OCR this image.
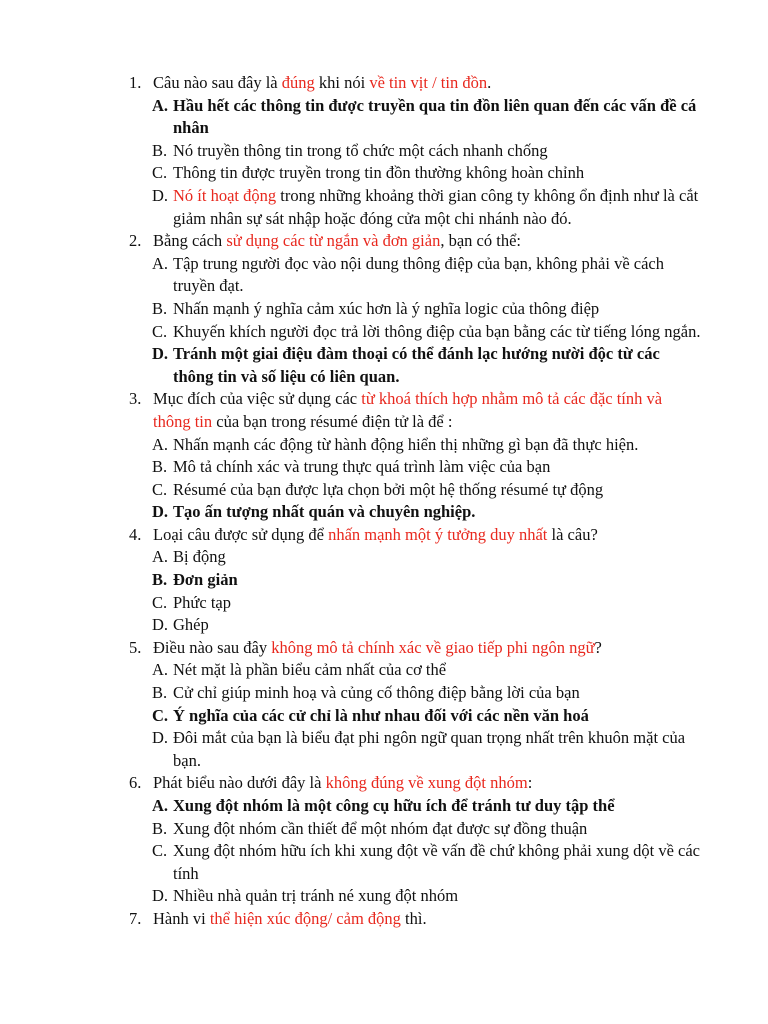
1. Câu nào sau đây là đúng khi nói về tin vịt / tin đồn.
A. Hầu hết các thông tin được truyền qua tin đồn liên quan đến các vấn đề cá nhân
B. Nó truyền thông tin trong tổ chức một cách nhanh chống
C. Thông tin được truyền trong tin đồn thường không hoàn chỉnh
D. Nó ít hoạt động trong những khoảng thời gian công ty không ổn định như là cắt giảm nhân sự sát nhập hoặc đóng cửa một chi nhánh nào đó.
2. Bằng cách sử dụng các từ ngắn và đơn giản, bạn có thể:
A. Tập trung người đọc vào nội dung thông điệp của bạn, không phải về cách truyền đạt.
B. Nhấn mạnh ý nghĩa cảm xúc hơn là ý nghĩa logic của thông điệp
C. Khuyến khích người đọc trả lời thông điệp của bạn bằng các từ tiếng lóng ngắn.
D. Tránh một giai điệu đàm thoại có thể đánh lạc hướng nười độc từ các thông tin và số liệu có liên quan.
3. Mục đích của việc sử dụng các từ khoá thích hợp nhằm mô tả các đặc tính và thông tin của bạn trong résumé điện tử là để :
A. Nhấn mạnh các động từ hành động hiển thị những gì bạn đã thực hiện.
B. Mô tả chính xác và trung thực quá trình làm việc của bạn
C. Résumé của bạn được lựa chọn bởi một hệ thống résumé tự động
D. Tạo ấn tượng nhất quán và chuyên nghiệp.
4. Loại câu được sử dụng để nhấn mạnh một ý tưởng duy nhất là câu?
A. Bị động
B. Đơn giản
C. Phức tạp
D. Ghép
5. Điều nào sau đây không mô tả chính xác về giao tiếp phi ngôn ngữ?
A. Nét mặt là phần biểu cảm nhất của cơ thể
B. Cử chỉ giúp minh hoạ và củng cố thông điệp bằng lời của bạn
C. Ý nghĩa của các cử chỉ là như nhau đối với các nền văn hoá
D. Đôi mắt của bạn là biểu đạt phi ngôn ngữ quan trọng nhất trên khuôn mặt của bạn.
6. Phát biểu nào dưới đây là không đúng về xung đột nhóm:
A. Xung đột nhóm là một công cụ hữu ích để tránh tư duy tập thể
B. Xung đột nhóm cần thiết để một nhóm đạt được sự đồng thuận
C. Xung đột nhóm hữu ích khi xung đột về vấn đề chứ không phải xung dột về các tính
D. Nhiều nhà quản trị tránh né xung đột nhóm
7. Hành vi thể hiện xúc động/ cảm động thì.
